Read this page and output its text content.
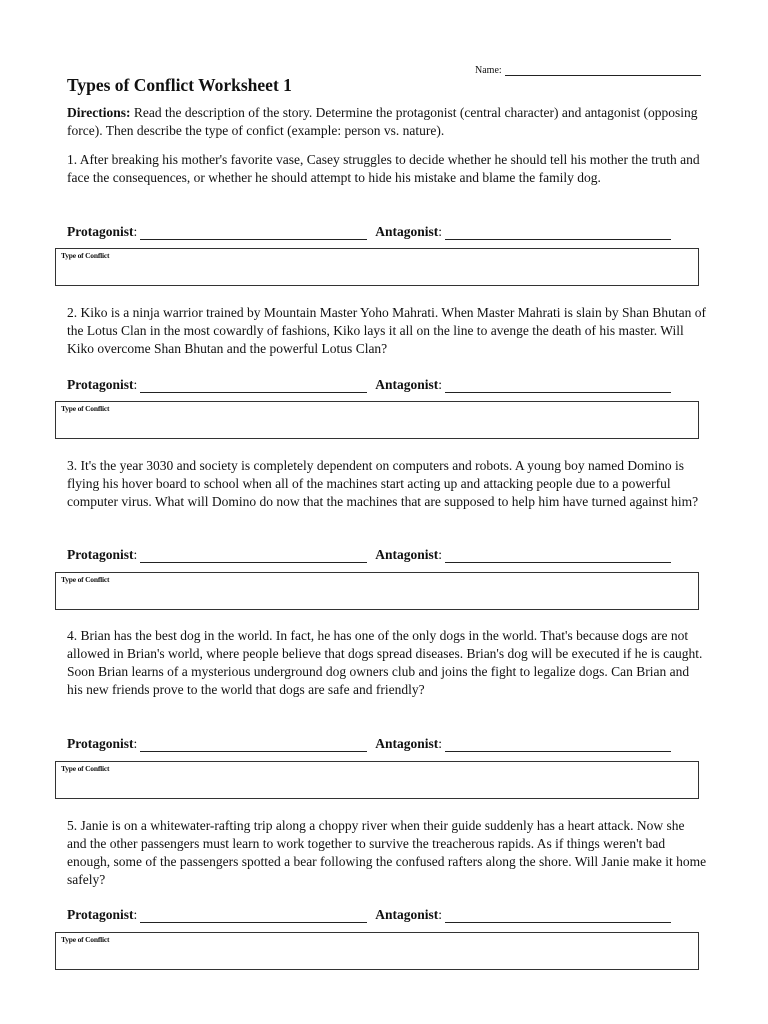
Name:
Types of Conflict Worksheet 1

Directions: Read the description of the story. Determine the protagonist (central character) and antagonist (opposing force). Then describe the type of confict (example: person vs. nature).

1. After breaking his mother's favorite vase, Casey struggles to decide whether he should tell his mother the truth and face the consequences, or whether he should attempt to hide his mistake and blame the family dog.

Protagonist :	Antagonist :
Type of Conflict

2. Kiko is a ninja warrior trained by Mountain Master Yoho Mahrati. When Master Mahrati is slain by Shan Bhutan of the Lotus Clan in the most cowardly of fashions, Kiko lays it all on the line to avenge the death of his master. Will Kiko overcome Shan Bhutan and the powerful Lotus Clan?

Protagonist :	Antagonist :
Type of Conflict

3. It's the year 3030 and society is completely dependent on computers and robots. A young boy named Domino is flying his hover board to school when all of the machines start acting up and attacking people due to a powerful computer virus. What will Domino do now that the machines that are supposed to help him have turned against him?

Protagonist :	Antagonist :
Type of Conflict

4. Brian has the best dog in the world. In fact, he has one of the only dogs in the world. That's because dogs are not allowed in Brian's world, where people believe that dogs spread diseases. Brian's dog will be executed if he is caught. Soon Brian learns of a mysterious underground dog owners club and joins the fight to legalize dogs. Can Brian and his new friends prove to the world that dogs are safe and friendly?

Protagonist :	Antagonist :
Type of Conflict

5. Janie is on a whitewater-rafting trip along a choppy river when their guide suddenly has a heart attack. Now she and the other passengers must learn to work together to survive the treacherous rapids. As if things weren't bad enough, some of the passengers spotted a bear following the confused rafters along the shore. Will Janie make it home safely?

Protagonist :	Antagonist :
Type of Conflict
